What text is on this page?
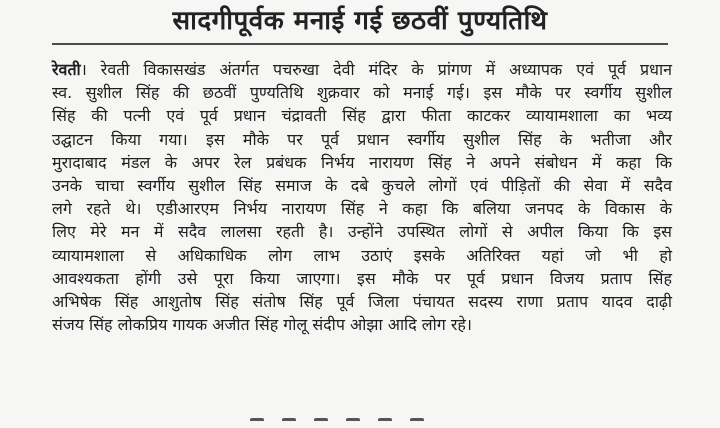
सादगीपूर्वक मनाई गई छठवीं पुण्यतिथि
रेवती। रेवती विकासखंड अंतर्गत पचरुखा देवी मंदिर के प्रांगण में अध्यापक एवं पूर्व प्रधान
स्व. सुशील सिंह की छठवीं पुण्यतिथि शुक्रवार को मनाई गई। इस मौके पर स्वर्गीय सुशील
सिंह की पत्नी एवं पूर्व प्रधान चंद्रावती सिंह द्वारा फीता काटकर व्यायामशाला का भव्य
उद्घाटन किया गया। इस मौके पर पूर्व प्रधान स्वर्गीय सुशील सिंह के भतीजा और
मुरादाबाद मंडल के अपर रेल प्रबंधक निर्भय नारायण सिंह ने अपने संबोधन में कहा कि
उनके चाचा स्वर्गीय सुशील सिंह समाज के दबे कुचले लोगों एवं पीड़ितों की सेवा में सदैव
लगे रहते थे। एडीआरएम निर्भय नारायण सिंह ने कहा कि बलिया जनपद के विकास के
लिए मेरे मन में सदैव लालसा रहती है। उन्होंने उपस्थित लोगों से अपील किया कि इस
व्यायामशाला से अधिकाधिक लोग लाभ उठाएं इसके अतिरिक्त यहां जो भी हो
आवश्यकता होंगी उसे पूरा किया जाएगा। इस मौके पर पूर्व प्रधान विजय प्रताप सिंह
अभिषेक सिंह आशुतोष सिंह संतोष सिंह पूर्व जिला पंचायत सदस्य राणा प्रताप यादव दाढ़ी
संजय सिंह लोकप्रिय गायक अजीत सिंह गोलू संदीप ओझा आदि लोग रहे।
